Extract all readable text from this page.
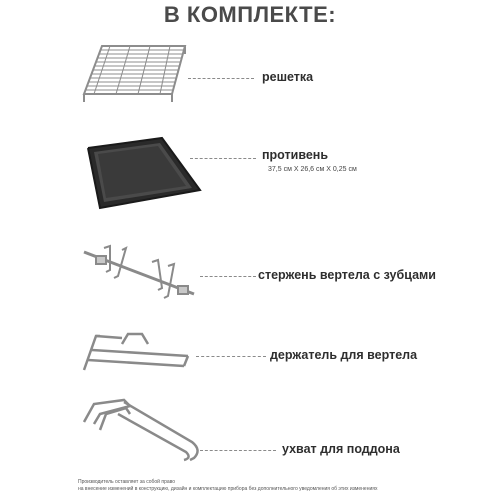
В КОМПЛЕКТЕ:
решетка
противень
37,5 см X 26,6 см X 0,25 см
стержень вертела с зубцами
держатель для вертела
ухват для поддона
Производитель оставляет за собой право
на внесение изменений в конструкцию, дизайн и комплектацию прибора без дополнительного уведомления об этих изменениях
